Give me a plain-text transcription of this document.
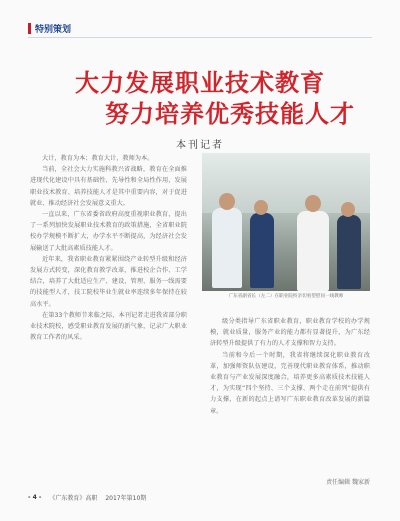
特别策划
大力发展职业技术教育
努力培养优秀技能人才
本刊记者

大计，教育为本；教育大计，教师为本。

当前，全社会大力实施科教兴省战略，教育在全面推进现代化建设中具有基础性、先导性和全局性作用，发展职业技术教育、培养技能人才是其中重要内容，对于促进就业、推动经济社会发展意义重大。

一直以来，广东省委省政府高度重视职业教育，提出了一系列加快发展职业技术教育的政策措施，全省职业院校办学规模不断扩大，办学水平不断提高，为经济社会发展输送了大批高素质技能人才。

近年来，我省职业教育紧紧围绕产业转型升级和经济发展方式转变，深化教育教学改革，推进校企合作、工学结合，培养了大批适应生产、建设、管理、服务一线需要的技能型人才，技工院校毕业生就业率连续多年保持在较高水平。

在第33个教师节来临之际，本刊记者走进我省部分职业技术院校，感受职业教育发展的新气象，记录广大职业教育工作者的风采。

广东省副省长（左二）在职业院校亲切看望慰问一线教师

级分类指导广东省职业教育，职业教育学校的办学规模，就业质量，服务产业的能力都有显著提升，为广东经济转型升级提供了有力的人才支撑和智力支持。

当前和今后一个时期，我省将继续深化职业教育改革，加强师资队伍建设，完善现代职业教育体系，推动职业教育与产业发展深度融合，培养更多高素质技术技能人才，为实现“四个坚持、三个支撑、两个走在前列”提供有力支撑，在新的起点上谱写广东职业教育改革发展的新篇章。

责任编辑 魏家新
- 4 - 《广东教育》高职 2017年第10期
